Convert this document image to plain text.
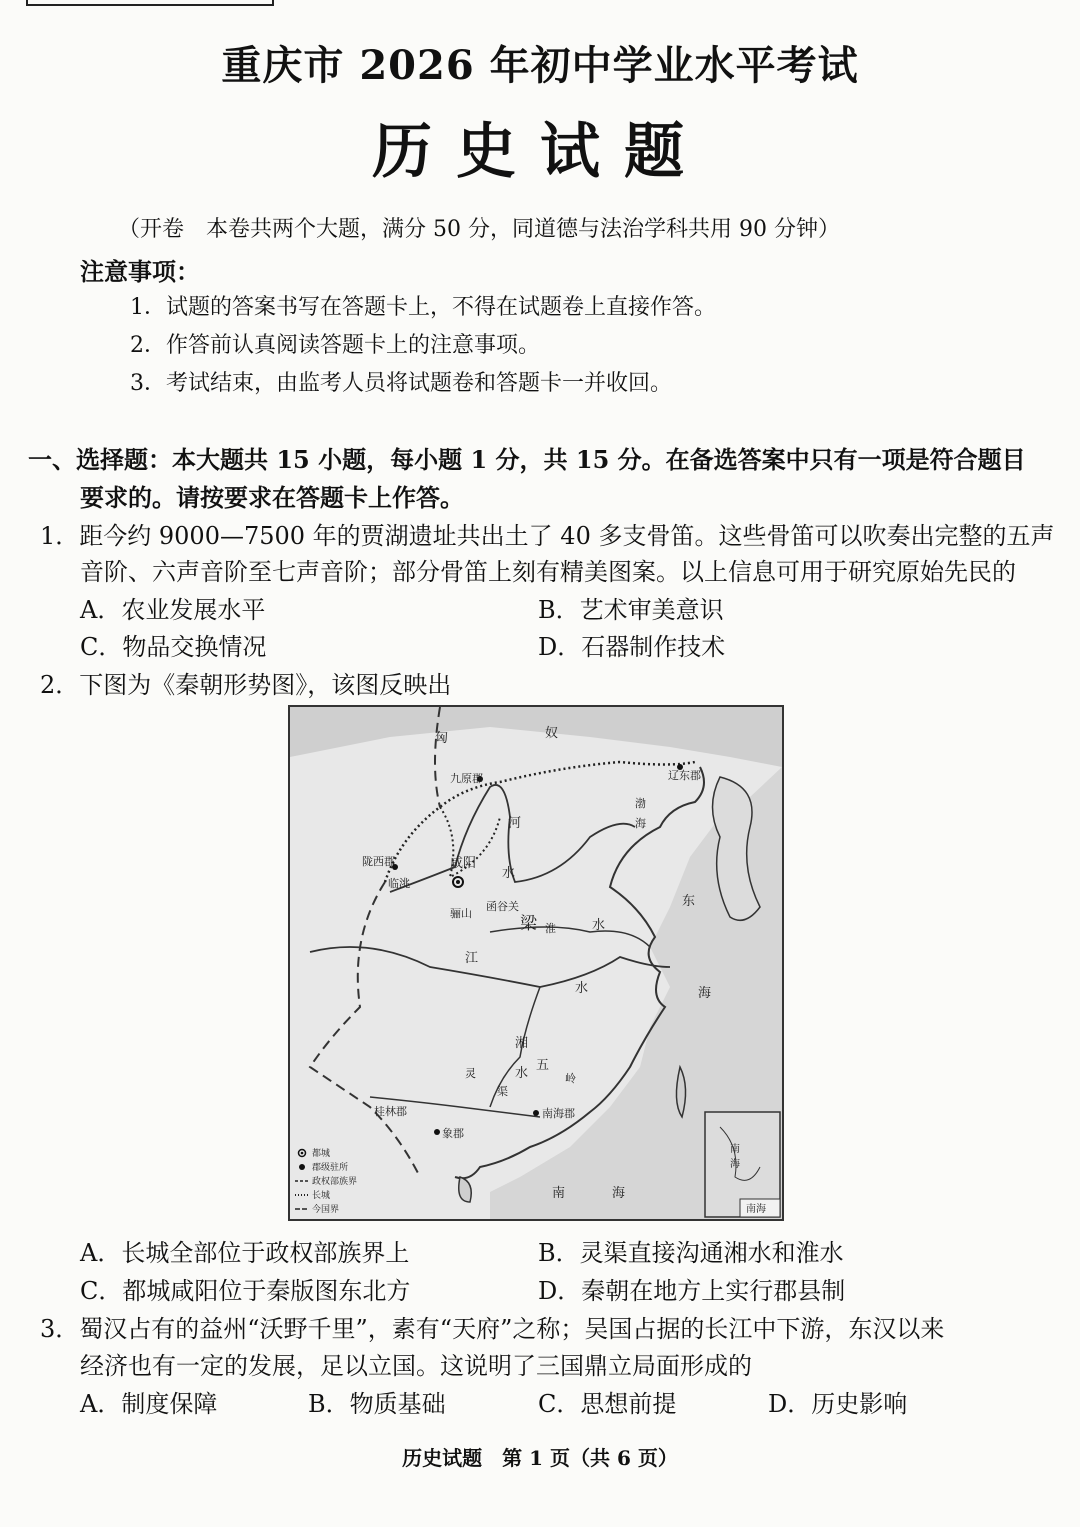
重庆市 2026 年初中学业水平考试
历史试题
（开卷　本卷共两个大题，满分 50 分，同道德与法治学科共用 90 分钟）
注意事项：
1．试题的答案书写在答题卡上，不得在试题卷上直接作答。
2．作答前认真阅读答题卡上的注意事项。
3．考试结束，由监考人员将试题卷和答题卡一并收回。
一、选择题：本大题共 15 小题，每小题 1 分，共 15 分。在备选答案中只有一项是符合题目
要求的。请按要求在答题卡上作答。
1．距今约 9000—7500 年的贾湖遗址共出土了 40 多支骨笛。这些骨笛可以吹奏出完整的五声
音阶、六声音阶至七声音阶；部分骨笛上刻有精美图案。以上信息可用于研究原始先民的
A．农业发展水平	B．艺术审美意识
C．物品交换情况	D．石器制作技术
2．下图为《秦朝形势图》，该图反映出
匈	奴
九原郡
陇西郡
临洮
咸阳
骊山
函谷关
辽东郡
渤
海
河
水
东
海
梁 淮	水
江
水
湘
水
五
岭
灵
渠
桂林郡	南海郡
象郡
南	海
南
海
南海
都城
郡级驻所
政权部族界
长城
今国界
A．长城全部位于政权部族界上	B．灵渠直接沟通湘水和淮水
C．都城咸阳位于秦版图东北方	D．秦朝在地方上实行郡县制
3．蜀汉占有的益州“沃野千里”，素有“天府”之称；吴国占据的长江中下游，东汉以来
经济也有一定的发展，足以立国。这说明了三国鼎立局面形成的
A．制度保障	B．物质基础	C．思想前提	D．历史影响
历史试题　第 1 页（共 6 页）
